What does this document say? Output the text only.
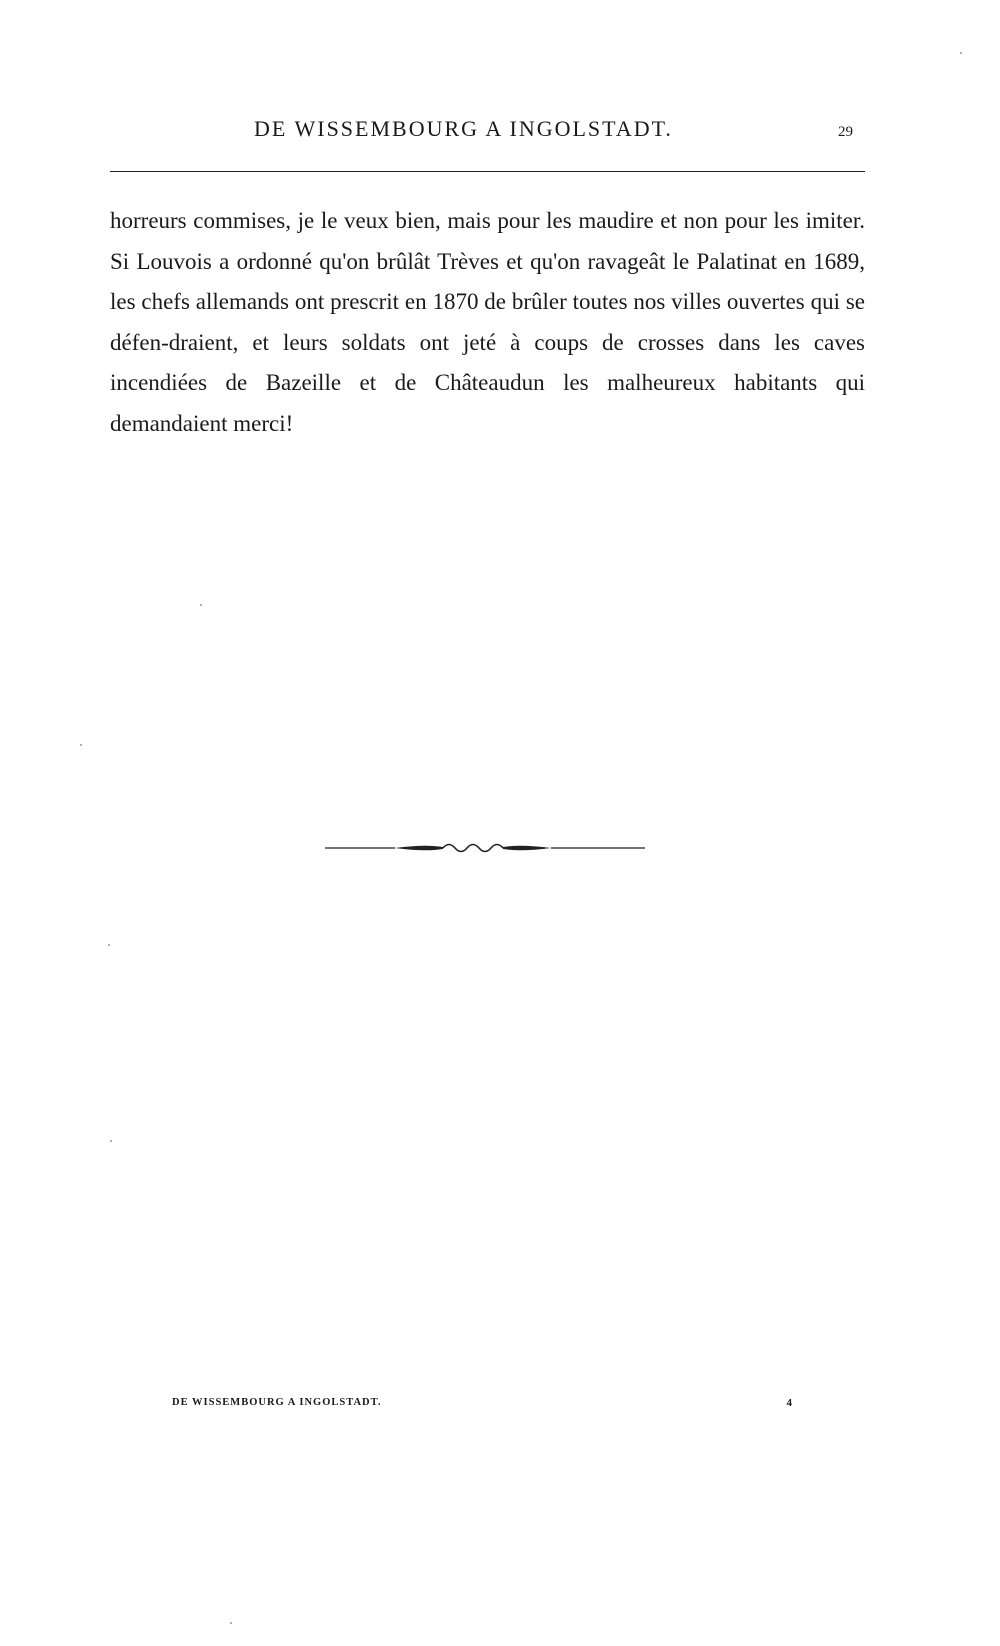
DE WISSEMBOURG A INGOLSTADT.	29

horreurs commises, je le veux bien, mais pour les maudire et non pour les imiter. Si Louvois a ordonné qu'on brûlât Trèves et qu'on ravageât le Palatinat en 1689, les chefs allemands ont prescrit en 1870 de brûler toutes nos villes ouvertes qui se défen-draient, et leurs soldats ont jeté à coups de crosses dans les caves incendiées de Bazeille et de Châteaudun les malheureux habitants qui demandaient merci!

DE WISSEMBOURG A INGOLSTADT.	4
